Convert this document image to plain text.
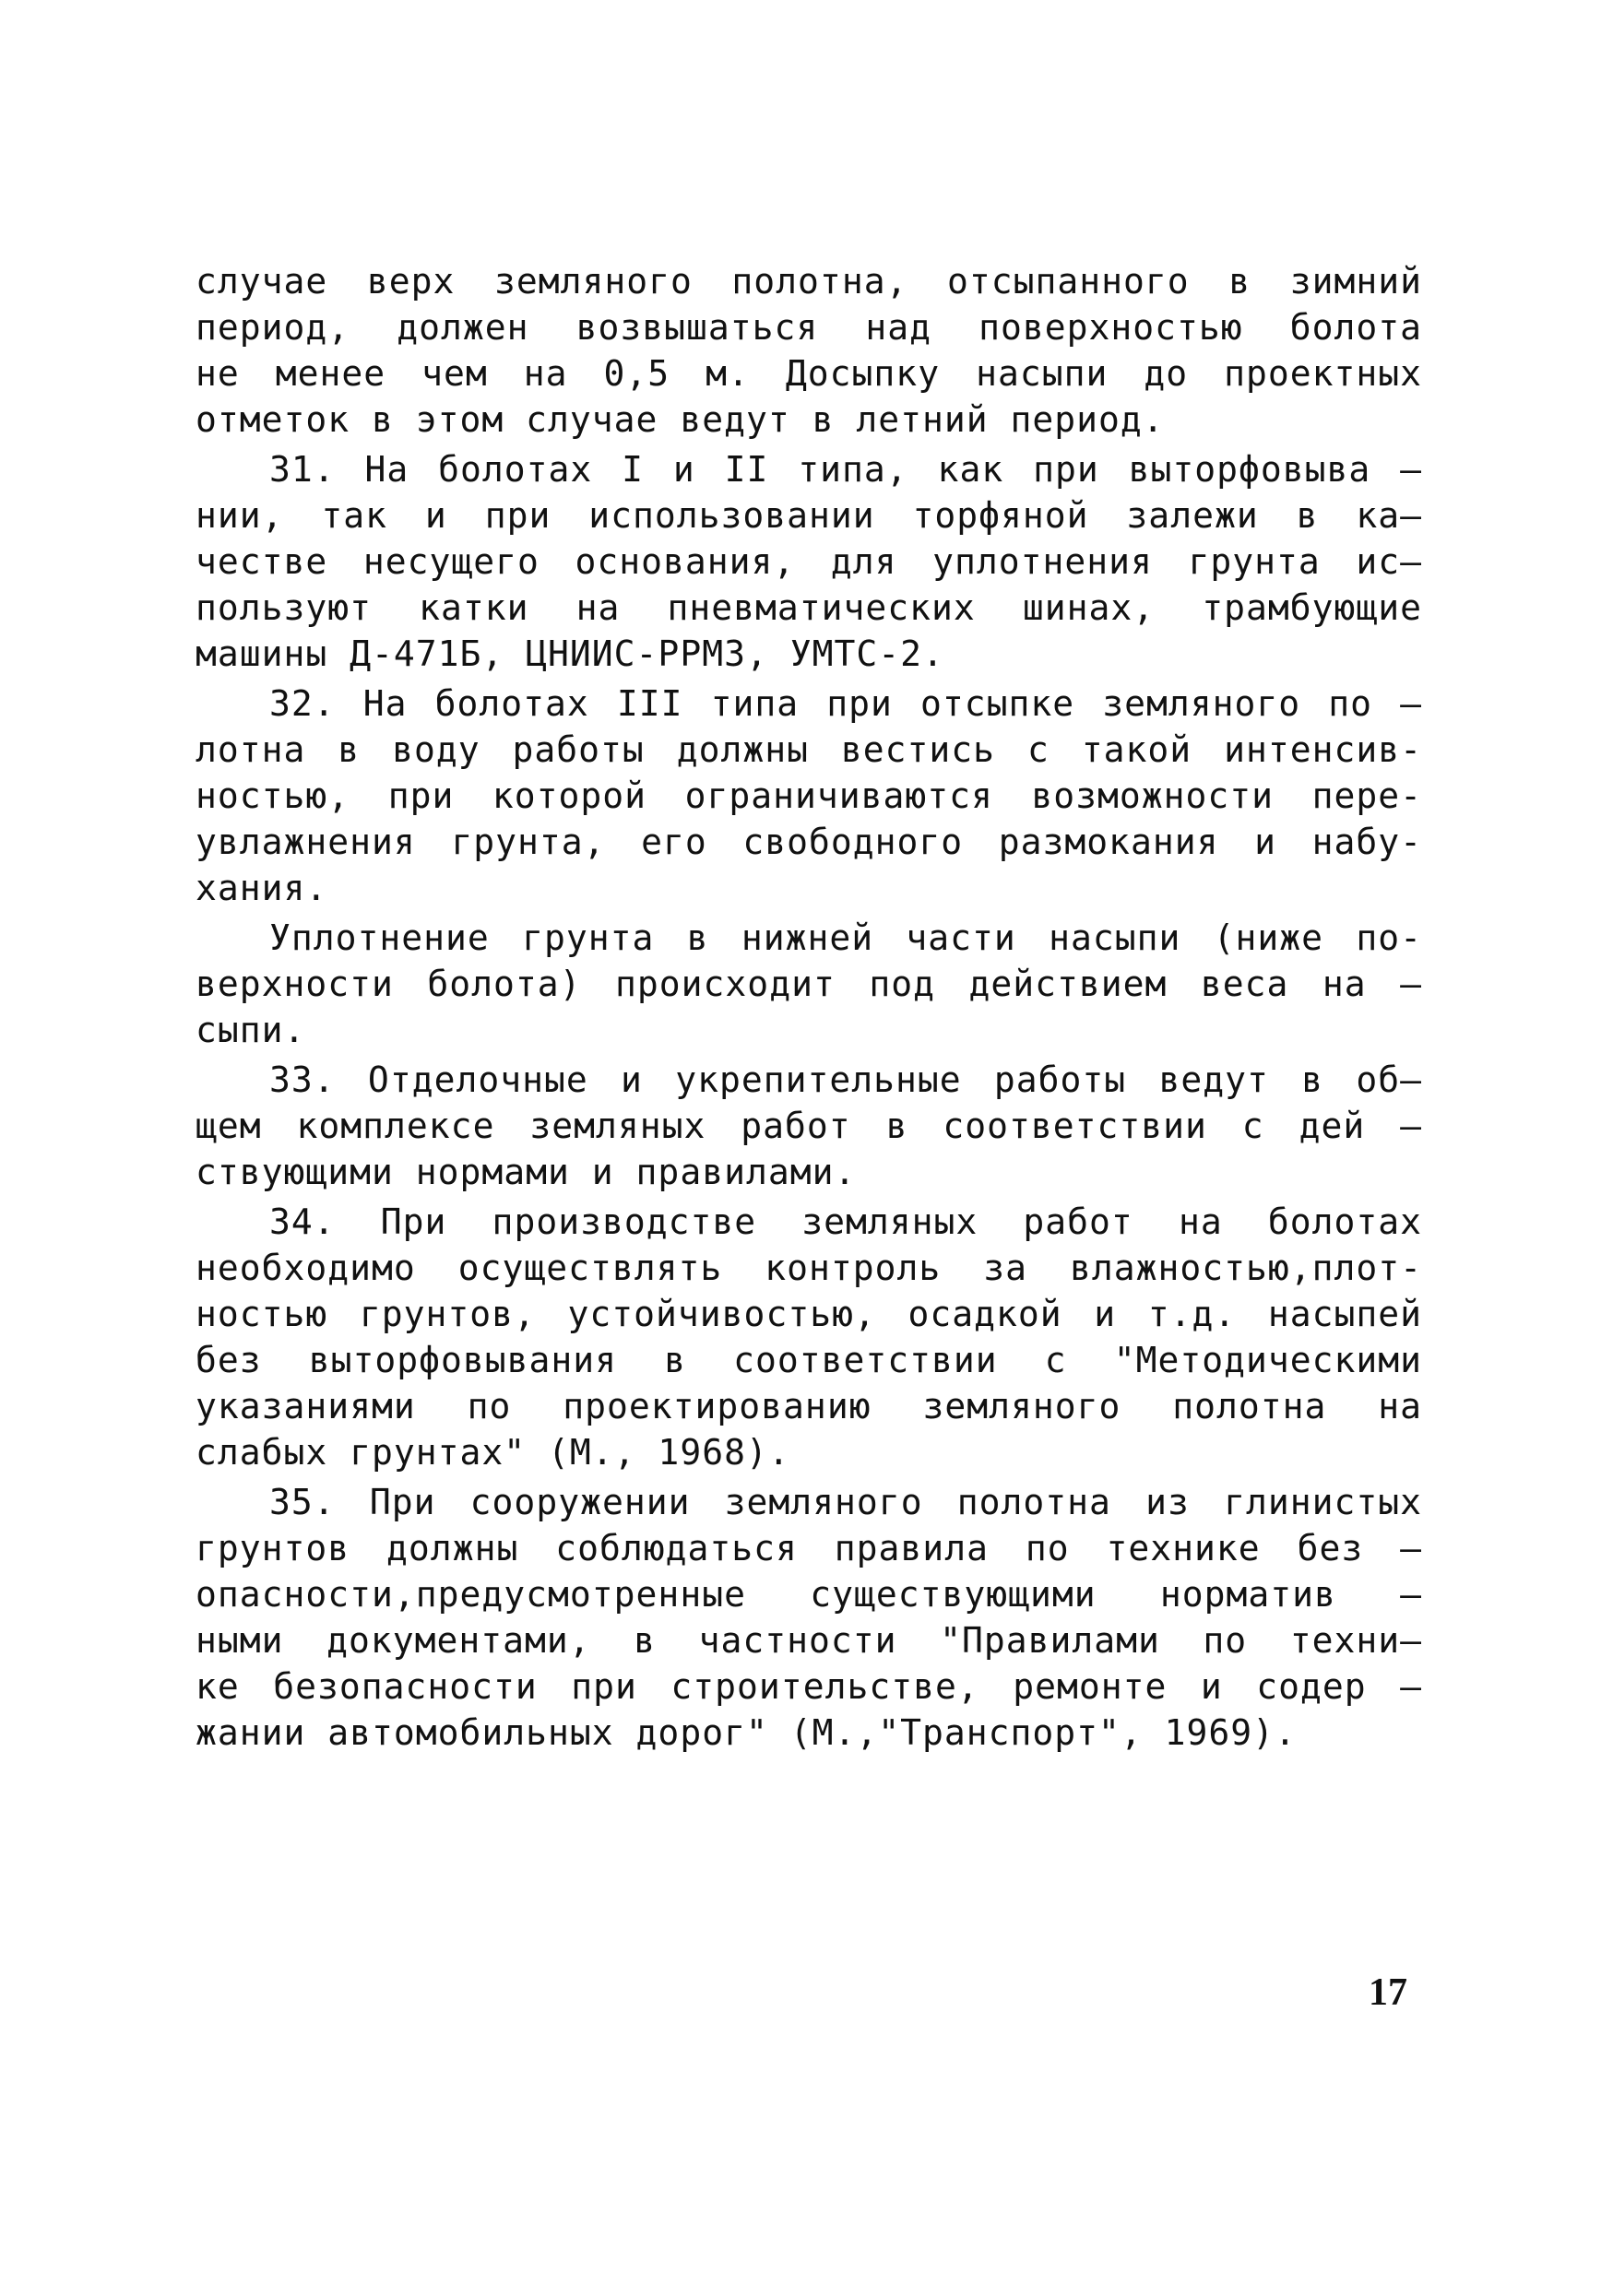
случае верх земляного полотна, отсыпанного в зимний
период, должен возвышаться над поверхностью болота
не менее чем на 0,5 м. Досыпку насыпи до проектных
отметок в этом случае ведут в летний период.
31. На болотах I и II типа, как при выторфовыва –
нии, так и при использовании торфяной залежи в ка–
честве несущего основания, для уплотнения грунта ис–
пользуют катки на пневматических шинах, трамбующие
машины Д-471Б, ЦНИИС-РРМЗ, УМТС-2.
32. На болотах III типа при отсыпке земляного по –
лотна в воду работы должны вестись с такой интенсив-
ностью, при которой ограничиваются возможности пере-
увлажнения грунта, его свободного размокания и набу-
хания.
Уплотнение грунта в нижней части насыпи (ниже по-
верхности болота) происходит под действием веса на –
сыпи.
33. Отделочные и укрепительные работы ведут в об–
щем комплексе земляных работ в соответствии с дей –
ствующими нормами и правилами.
34. При производстве земляных работ на болотах
необходимо осуществлять контроль за влажностью,плот-
ностью грунтов, устойчивостью, осадкой и т.д. насыпей
без выторфовывания в соответствии с "Методическими
указаниями по проектированию земляного полотна на
слабых грунтах" (М., 1968).
35. При сооружении земляного полотна из глинистых
грунтов должны соблюдаться правила по технике без –
опасности,предусмотренные существующими норматив –
ными документами, в частности "Правилами по техни–
ке безопасности при строительстве, ремонте и содер –
жании автомобильных дорог" (М.,"Транспорт", 1969).
17
